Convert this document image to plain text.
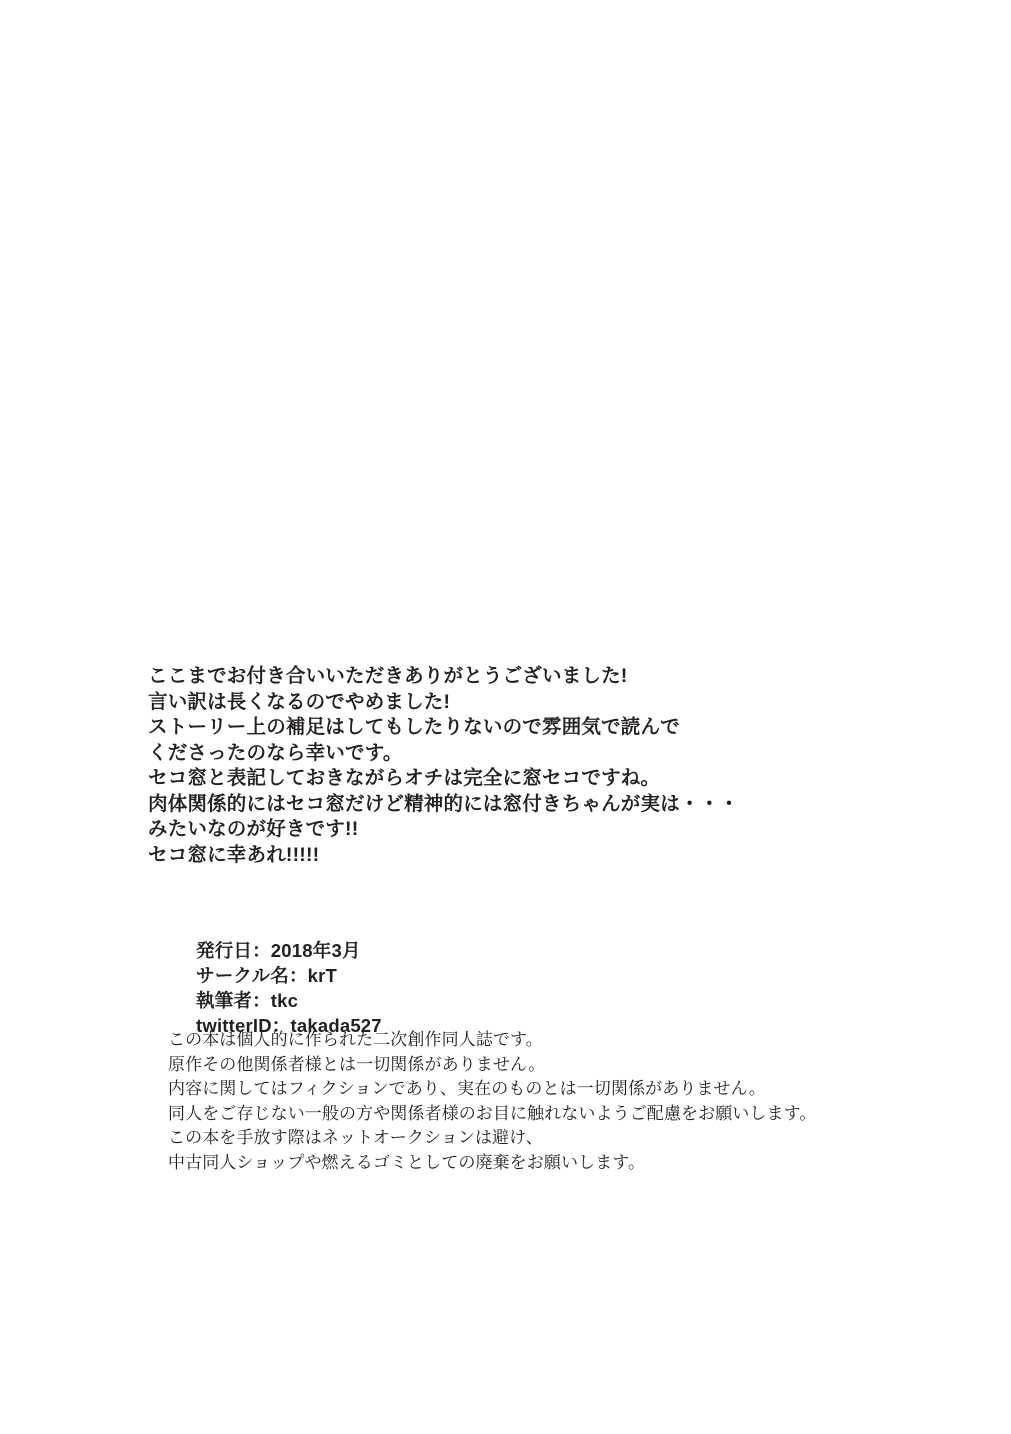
ここまでお付き合いいただきありがとうございました!
言い訳は長くなるのでやめました!
ストーリー上の補足はしてもしたりないので雰囲気で読んで
くださったのなら幸いです。
セコ窓と表記しておきながらオチは完全に窓セコですね。
肉体関係的にはセコ窓だけど精神的には窓付きちゃんが実は・・・
みたいなのが好きです!!
セコ窓に幸あれ!!!!!
発行日：2018年3月
サークル名：krT
執筆者：tkc
twitterID：takada527
この本は個人的に作られた二次創作同人誌です。
原作その他関係者様とは一切関係がありません。
内容に関してはフィクションであり、実在のものとは一切関係がありません。
同人をご存じない一般の方や関係者様のお目に触れないようご配慮をお願いします。
この本を手放す際はネットオークションは避け、
中古同人ショップや燃えるゴミとしての廃棄をお願いします。
